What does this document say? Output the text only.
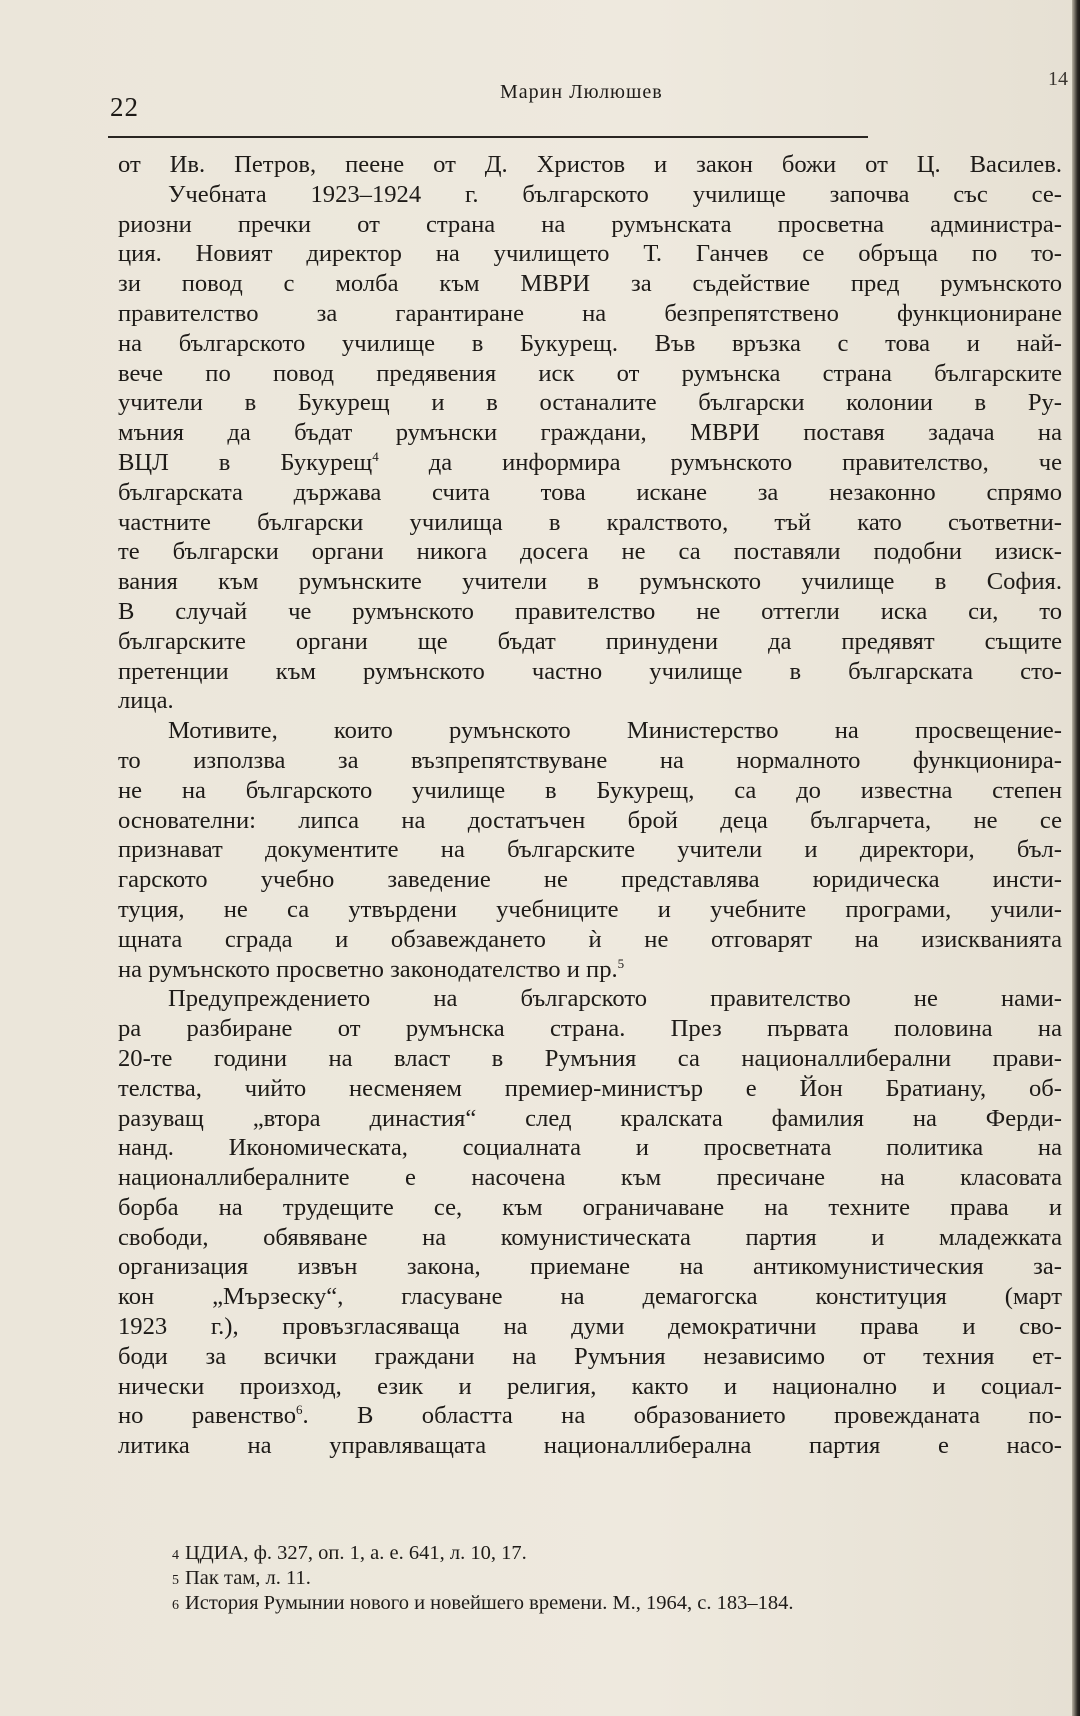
14
22	Марин Люлюшев
от Ив. Петров, пеене от Д. Христов и закон божи от Ц. Василев.
Учебната 1923–1924 г. българското училище започва със се-
риозни пречки от страна на румънската просветна администра-
ция. Новият директор на училището Т. Ганчев се обръща по то-
зи повод с молба към МВРИ за съдействие пред румънското
правителство за гарантиране на безпрепятствено функциониране
на българското училище в Букурещ. Във връзка с това и най-
вече по повод предявения иск от румънска страна българските
учители в Букурещ и в останалите български колонии в Ру-
мъния да бъдат румънски граждани, МВРИ поставя задача на
ВЦЛ в Букурещ$^4$ да информира румънското правителство, че
българската държава счита това искане за незаконно спрямо
частните български училища в кралството, тъй като съответни-
те български органи никога досега не са поставяли подобни изиск-
вания към румънските учители в румънското училище в София.
В случай че румънското правителство не оттегли иска си, то
българските органи ще бъдат принудени да предявят същите
претенции към румънското частно училище в българската сто-
лица.
Мотивите, които румънското Министерство на просвещение-
то използва за възпрепятствуване на нормалното функционира-
не на българското училище в Букурещ, са до известна степен
основателни: липса на достатъчен брой деца българчета, не се
признават документите на българските учители и директори, бъл-
гарското учебно заведение не представлява юридическа инсти-
туция, не са утвърдени учебниците и учебните програми, учили-
щната сграда и обзавеждането ѝ не отговарят на изискванията
на румънското просветно законодателство и пр.$^5$
Предупреждението на българското правителство не нами-
ра разбиране от румънска страна. През първата половина на
20-те години на власт в Румъния са националлиберални прави-
телства, чийто несменяем премиер-министър е Йон Братиану, об-
разуващ „втора династия“ след кралската фамилия на Ферди-
нанд. Икономическата, социалната и просветната политика на
националлибералните е насочена към пресичане на класовата
борба на трудещите се, към ограничаване на техните права и
свободи, обявяване на комунистическата партия и младежката
организация извън закона, приемане на антикомунистическия за-
кон „Мързеску“, гласуване на демагогска конституция (март
1923 г.), провъзгласяваща на думи демократични права и сво-
боди за всички граждани на Румъния независимо от техния ет-
нически произход, език и религия, както и национално и социал-
но равенство$^6$. В областта на образованието провежданата по-
литика на управляващата националлиберална партия е насо-
4 ЦДИА, ф. 327, оп. 1, а. е. 641, л. 10, 17.
5 Пак там, л. 11.
6 История Румынии нового и новейшего времени. М., 1964, с. 183–184.
